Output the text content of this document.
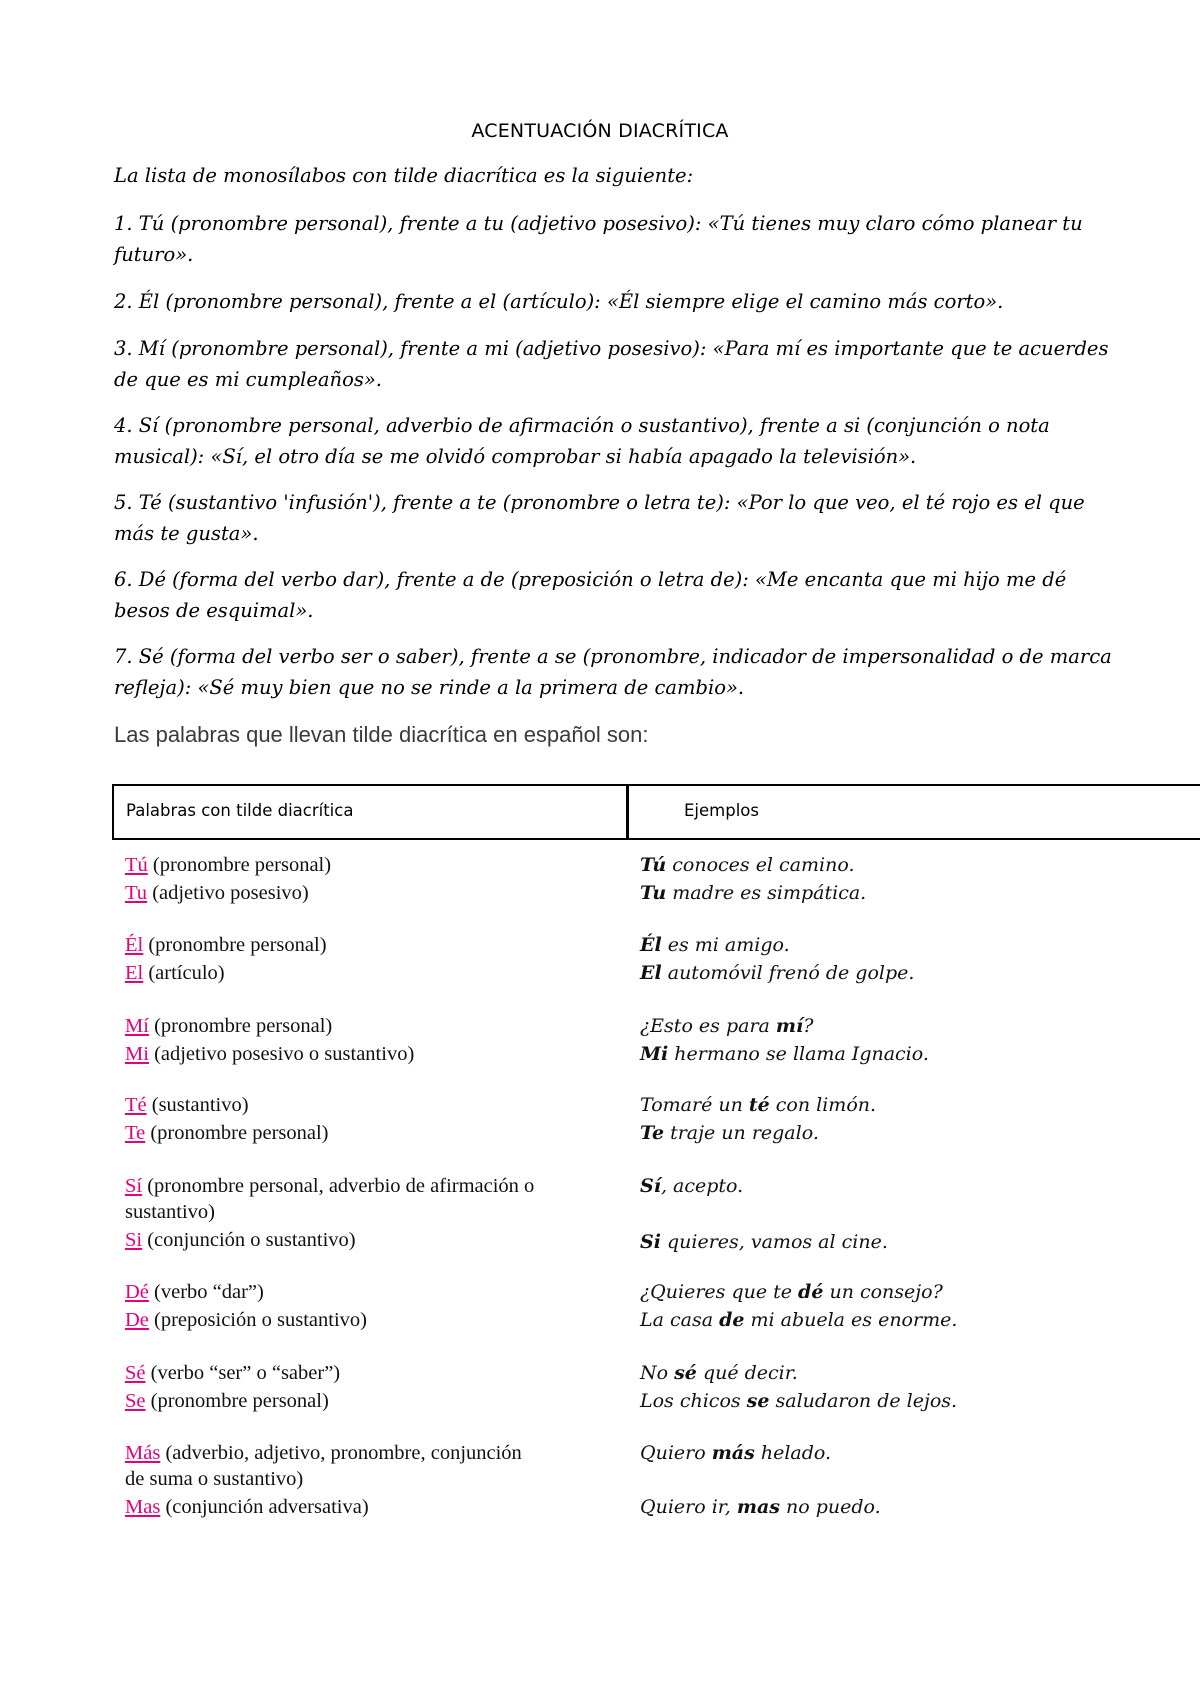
ACENTUACIÓN DIACRÍTICA
La lista de monosílabos con tilde diacrítica es la siguiente:
1. Tú (pronombre personal), frente a tu (adjetivo posesivo): «Tú tienes muy claro cómo planear tu
futuro».
2. Él (pronombre personal), frente a el (artículo): «Él siempre elige el camino más corto».
3. Mí (pronombre personal), frente a mi (adjetivo posesivo): «Para mí es importante que te acuerdes
de que es mi cumpleaños».
4. Sí (pronombre personal, adverbio de afirmación o sustantivo), frente a si (conjunción o nota
musical): «Sí, el otro día se me olvidó comprobar si había apagado la televisión».
5. Té (sustantivo 'infusión'), frente a te (pronombre o letra te): «Por lo que veo, el té rojo es el que
más te gusta».
6. Dé (forma del verbo dar), frente a de (preposición o letra de): «Me encanta que mi hijo me dé
besos de esquimal».
7. Sé (forma del verbo ser o saber), frente a se (pronombre, indicador de impersonalidad o de marca
refleja): «Sé muy bien que no se rinde a la primera de cambio».
Las palabras que llevan tilde diacrítica en español son:
Palabras con tilde diacrítica	Ejemplos
Tú (pronombre personal)
Tu (adjetivo posesivo)
Tú conoces el camino.
Tu madre es simpática.
Él (pronombre personal)
El (artículo)
Él es mi amigo.
El automóvil frenó de golpe.
Mí (pronombre personal)
Mi (adjetivo posesivo o sustantivo)
¿Esto es para mí?
Mi hermano se llama Ignacio.
Té (sustantivo)
Te (pronombre personal)
Tomaré un té con limón.
Te traje un regalo.
Sí (pronombre personal, adverbio de afirmación o
sustantivo)
Si (conjunción o sustantivo)
Sí, acepto.
Si quieres, vamos al cine.
Dé (verbo “dar”)
De (preposición o sustantivo)
¿Quieres que te dé un consejo?
La casa de mi abuela es enorme.
Sé (verbo “ser” o “saber”)
Se (pronombre personal)
No sé qué decir.
Los chicos se saludaron de lejos.
Más (adverbio, adjetivo, pronombre, conjunción
de suma o sustantivo)
Mas (conjunción adversativa)
Quiero más helado.
Quiero ir, mas no puedo.
